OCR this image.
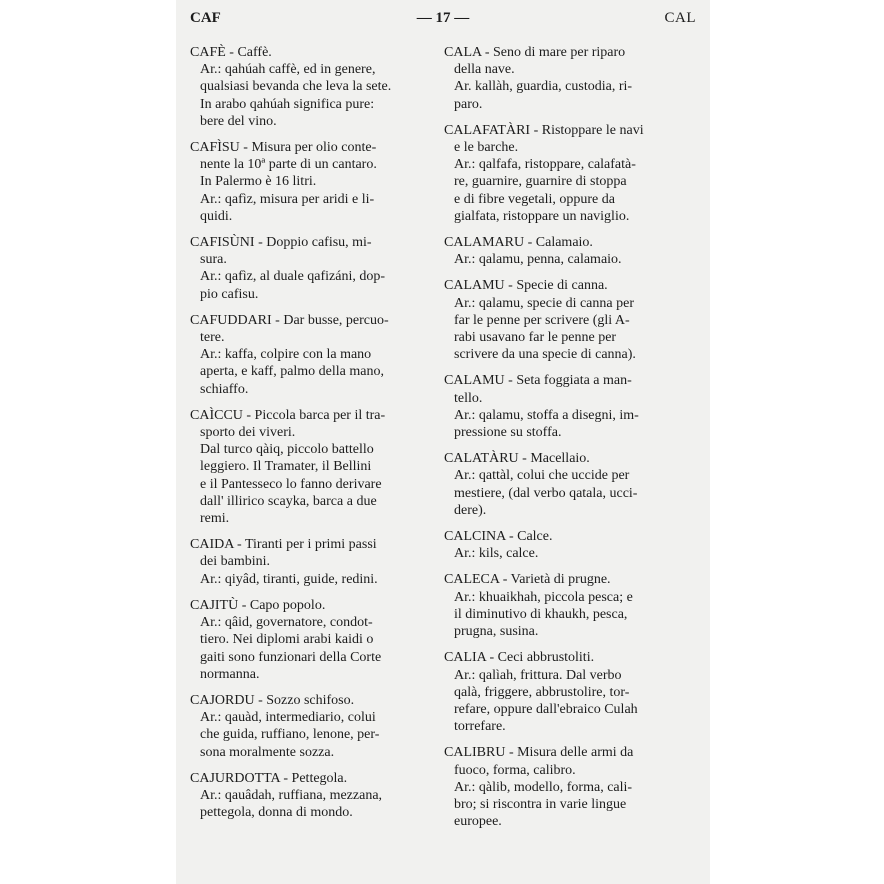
CAF	— 17 —	CAL

CAFÈ - Caffè.

Ar.: qahúah caffè, ed in genere,

qualsiasi bevanda che leva la sete.

In arabo qahúah significa pure:

bere del vino.

CAFÌSU - Misura per olio conte-

nente la 10ª parte di un cantaro.

In Palermo è 16 litri.

Ar.: qafìz, misura per aridi e li-

quidi.

CAFISÙNI - Doppio cafisu, mi-

sura.

Ar.: qafìz, al duale qafizáni, dop-

pio cafisu.

CAFUDDARI - Dar busse, percuo-

tere.

Ar.: kaffa, colpire con la mano

aperta, e kaff, palmo della mano,

schiaffo.

CAÌCCU - Piccola barca per il tra-

sporto dei viveri.

Dal turco qàiq, piccolo battello

leggiero. Il Tramater, il Bellini

e il Pantesseco lo fanno derivare

dall' illirico scayka, barca a due

remi.

CAIDA - Tiranti per i primi passi

dei bambini.

Ar.: qiyâd, tiranti, guide, redini.

CAJITÙ - Capo popolo.

Ar.: qâid, governatore, condot-

tiero. Nei diplomi arabi kaidi o

gaiti sono funzionari della Corte

normanna.

CAJORDU - Sozzo schifoso.

Ar.: qauàd, intermediario, colui

che guida, ruffiano, lenone, per-

sona moralmente sozza.

CAJURDOTTA - Pettegola.

Ar.: qauâdah, ruffiana, mezzana,

pettegola, donna di mondo.

CALA - Seno di mare per riparo

della nave.

Ar. kallàh, guardia, custodia, ri-

paro.

CALAFATÀRI - Ristoppare le navi

e le barche.

Ar.: qalfafa, ristoppare, calafatà-

re, guarnire, guarnire di stoppa

e di fibre vegetali, oppure da

gialfata, ristoppare un naviglio.

CALAMARU - Calamaio.

Ar.: qalamu, penna, calamaio.

CALAMU - Specie di canna.

Ar.: qalamu, specie di canna per

far le penne per scrivere (gli A-

rabi usavano far le penne per

scrivere da una specie di canna).

CALAMU - Seta foggiata a man-

tello.

Ar.: qalamu, stoffa a disegni, im-

pressione su stoffa.

CALATÀRU - Macellaio.

Ar.: qattàl, colui che uccide per

mestiere, (dal verbo qatala, ucci-

dere).

CALCINA - Calce.

Ar.: kils, calce.

CALECA - Varietà di prugne.

Ar.: khuaikhah, piccola pesca; e

il diminutivo di khaukh, pesca,

prugna, susina.

CALIA - Ceci abbrustoliti.

Ar.: qalìah, frittura. Dal verbo

qalà, friggere, abbrustolire, tor-

refare, oppure dall'ebraico Culah

torrefare.

CALIBRU - Misura delle armi da

fuoco, forma, calibro.

Ar.: qàlib, modello, forma, cali-

bro; si riscontra in varie lingue

europee.
